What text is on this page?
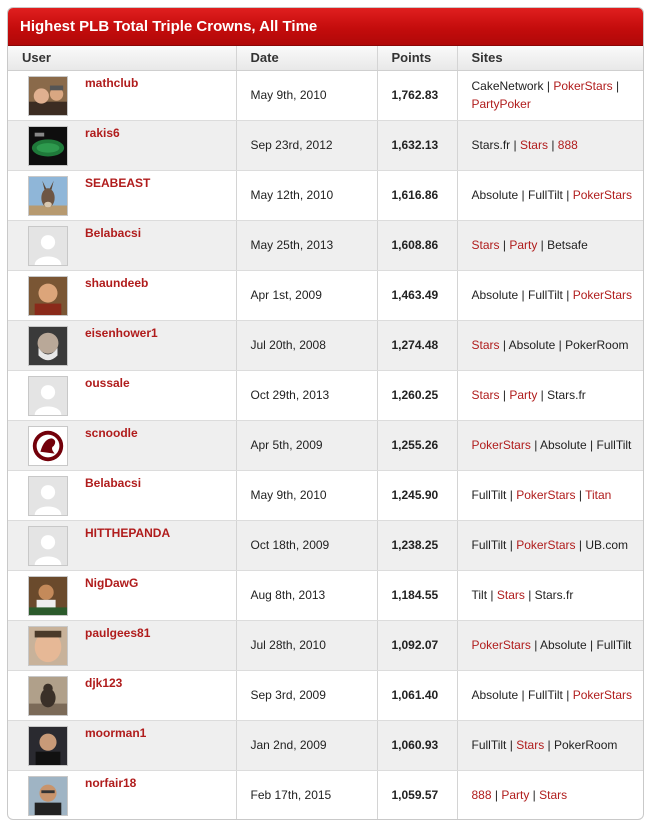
Highest PLB Total Triple Crowns, All Time
User	Date	Points	Sites

mathclub	May 9th, 2010	1,762.83	CakeNetwork | PokerStars | PartyPoker

rakis6	Sep 23rd, 2012	1,632.13	Stars.fr | Stars | 888

SEABEAST	May 12th, 2010	1,616.86	Absolute | FullTilt | PokerStars

Belabacsi	May 25th, 2013	1,608.86	Stars | Party | Betsafe

shaundeeb	Apr 1st, 2009	1,463.49	Absolute | FullTilt | PokerStars

eisenhower1	Jul 20th, 2008	1,274.48	Stars | Absolute | PokerRoom

oussale	Oct 29th, 2013	1,260.25	Stars | Party | Stars.fr

scnoodle	Apr 5th, 2009	1,255.26	PokerStars | Absolute | FullTilt

Belabacsi	May 9th, 2010	1,245.90	FullTilt | PokerStars | Titan

HITTHEPANDA	Oct 18th, 2009	1,238.25	FullTilt | PokerStars | UB.com

NigDawG	Aug 8th, 2013	1,184.55	Tilt | Stars | Stars.fr

paulgees81	Jul 28th, 2010	1,092.07	PokerStars | Absolute | FullTilt

djk123	Sep 3rd, 2009	1,061.40	Absolute | FullTilt | PokerStars

moorman1	Jan 2nd, 2009	1,060.93	FullTilt | Stars | PokerRoom

norfair18	Feb 17th, 2015	1,059.57	888 | Party | Stars
